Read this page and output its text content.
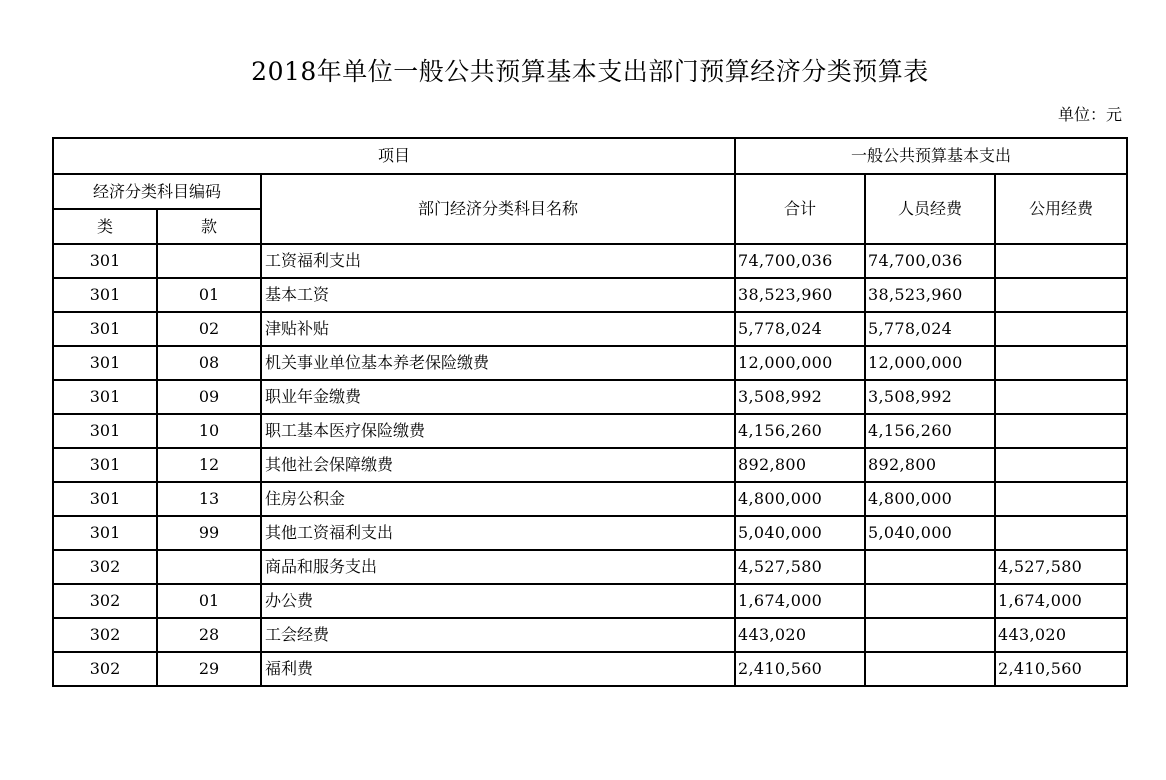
2018年单位一般公共预算基本支出部门预算经济分类预算表
单位：元
项目			一般公共预算基本支出		
经济分类科目编码		部门经济分类科目名称	合计	人员经费	公用经费
类	款				
301		工资福利支出	74,700,036	74,700,036	
301	01	基本工资	38,523,960	38,523,960	
301	02	津贴补贴	5,778,024	5,778,024	
301	08	机关事业单位基本养老保险缴费	12,000,000	12,000,000	
301	09	职业年金缴费	3,508,992	3,508,992	
301	10	职工基本医疗保险缴费	4,156,260	4,156,260	
301	12	其他社会保障缴费	892,800	892,800	
301	13	住房公积金	4,800,000	4,800,000	
301	99	其他工资福利支出	5,040,000	5,040,000	
302		商品和服务支出	4,527,580		4,527,580
302	01	办公费	1,674,000		1,674,000
302	28	工会经费	443,020		443,020
302	29	福利费	2,410,560		2,410,560
